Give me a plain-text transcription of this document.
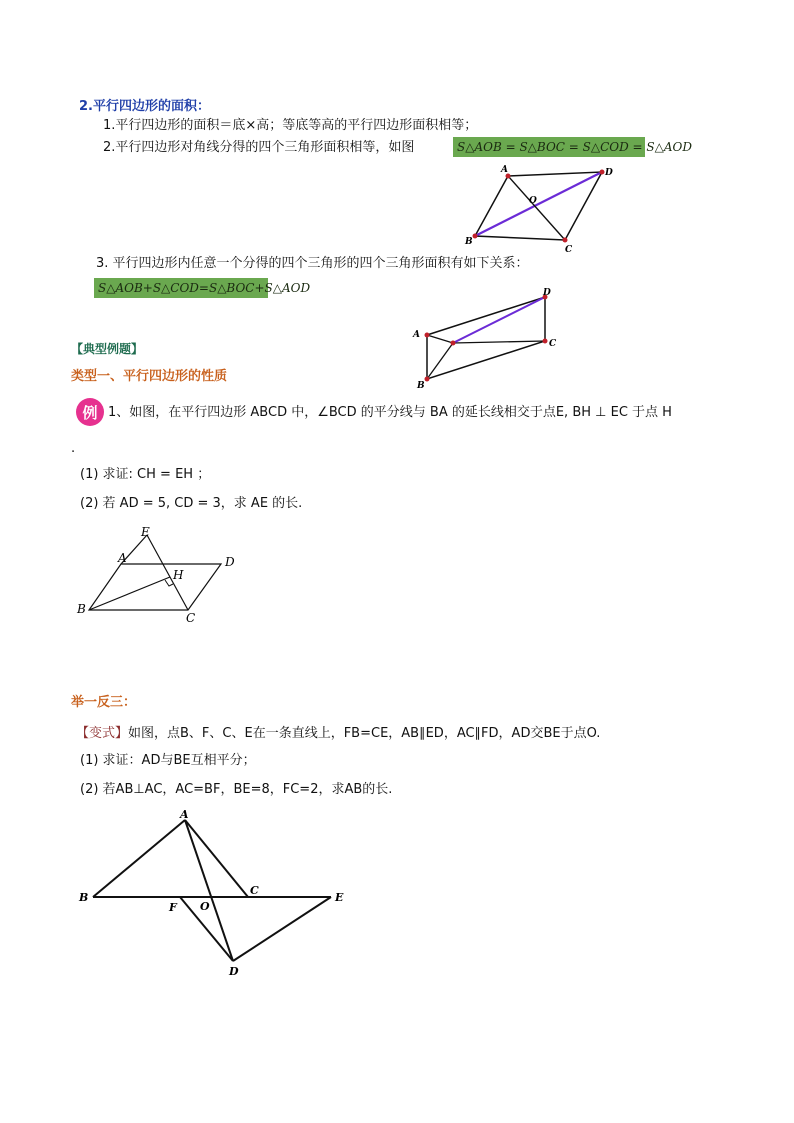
2.平行四边形的面积：
1.平行四边形的面积＝底×高；等底等高的平行四边形面积相等；
2.平行四边形对角线分得的四个三角形面积相等，如图	S△AOB = S△BOC = S△COD = S△AOD
A	D
B
C
O
3. 平行四边形内任意一个分得的四个三角形的四个三角形面积有如下关系：
S△AOB+S△COD=S△BOC+S△AOD
A
D
C
B
【典型例题】
类型一、平行四边形的性质
例 1、如图，在平行四边形 ABCD 中，∠BCD 的平分线与 BA 的延长线相交于点E, BH ⊥ EC 于点 H
.
(1) 求证: CH = EH ；
(2) 若 AD = 5, CD = 3，求 AE 的长.
E
A	D
H
B
C
举一反三：
【变式】如图，点B、F、C、E在一条直线上，FB=CE，AB∥ED，AC∥FD，AD交BE于点O.
(1) 求证：AD与BE互相平分；
(2) 若AB⊥AC，AC=BF，BE=8，FC=2，求AB的长.
A
B
C
E
F O
D
